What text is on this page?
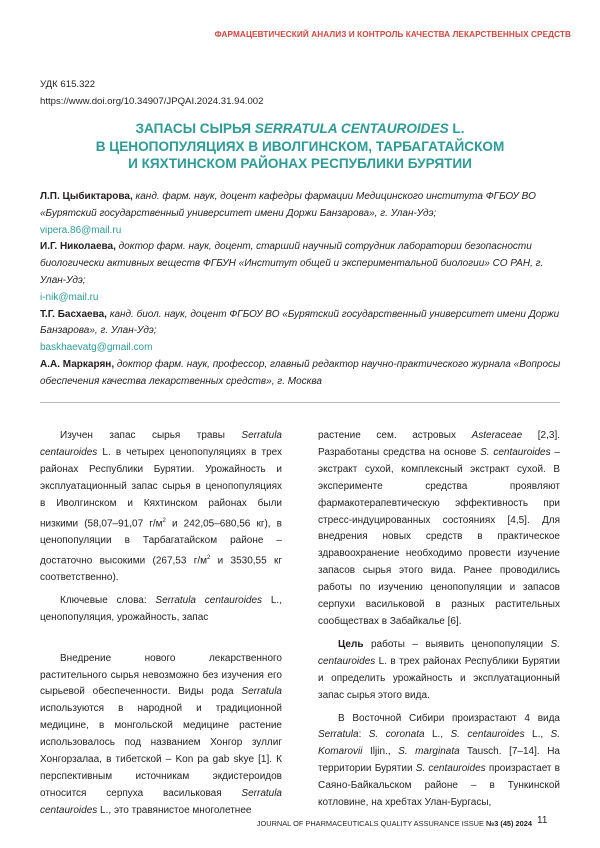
ФАРМАЦЕВТИЧЕСКИЙ АНАЛИЗ И КОНТРОЛЬ КАЧЕСТВА ЛЕКАРСТВЕННЫХ СРЕДСТВ
УДК 615.322
https://www.doi.org/10.34907/JPQAI.2024.31.94.002
ЗАПАСЫ СЫРЬЯ SERRATULA CENTAUROIDES L.
В ЦЕНОПОПУЛЯЦИЯХ В ИВОЛГИНСКОМ, ТАРБАГАТАЙСКОМ
И КЯХТИНСКОМ РАЙОНАХ РЕСПУБЛИКИ БУРЯТИИ

Л.П. Цыбиктарова, канд. фарм. наук, доцент кафедры фармации Медицинского института ФГБОУ ВО «Бурятский государственный университет имени Доржи Банзарова», г. Улан-Удэ;
vipera.86@mail.ru

И.Г. Николаева, доктор фарм. наук, доцент, старший научный сотрудник лаборатории безопасности биологически активных веществ ФГБУН «Институт общей и экспериментальной биологии» СО РАН, г. Улан-Удэ;
i-nik@mail.ru

Т.Г. Басхаева, канд. биол. наук, доцент ФГБОУ ВО «Бурятский государственный университет имени Доржи Банзарова», г. Улан-Удэ;
baskhaevatg@gmail.com

А.А. Маркарян, доктор фарм. наук, профессор, главный редактор научно-практического журнала «Вопросы обеспечения качества лекарственных средств», г. Москва

Изучен запас сырья травы Serratula centauroides L. в четырех ценопопуляциях в трех районах Республики Бурятии. Урожайность и эксплуатационный запас сырья в ценопопуляциях в Иволгинском и Кяхтинском районах были низкими (58,07–91,07 $г/м^2$ и 242,05–680,56 кг), в ценопопуляции в Тарбагатайском районе – достаточно высокими (267,53 $г/м^2$ и 3530,55 кг соответственно).

Ключевые слова: Serratula centauroides L., ценопопуляция, урожайность, запас

Внедрение нового лекарственного растительного сырья невозможно без изучения его сырьевой обеспеченности. Виды рода Serratula используются в народной и традиционной медицине, в монгольской медицине растение использовалось под названием Хонгор зуллиг Хонгорзалаа, в тибетской – Kon pa gab skye [1]. К перспективным источникам экдистероидов относится серпуха васильковая Serratula centauroides L., это травянистое многолетнее

растение сем. астровых Asteraceae [2,3]. Разработаны средства на основе S. centauroides – экстракт сухой, комплексный экстракт сухой. В эксперименте средства проявляют фармакотерапевтическую эффективность при стресс-индуцированных состояниях [4,5]. Для внедрения новых средств в практическое здравоохранение необходимо провести изучение запасов сырья этого вида. Ранее проводились работы по изучению ценопопуляции и запасов серпухи васильковой в разных растительных сообществах в Забайкалье [6].

Цель работы – выявить ценопопуляции S. centauroides L. в трех районах Республики Бурятии и определить урожайность и эксплуатационный запас сырья этого вида.

В Восточной Сибири произрастают 4 вида Serratula: S. coronata L., S. centauroides L., S. Komarovii Iljin., S. marginata Tausch. [7–14]. На территории Бурятии S. centauroides произрастает в Саяно-Байкальском районе – в Тункинской котловине, на хребтах Улан-Бургасы,

JOURNAL OF PHARMACEUTICALS QUALITY ASSURANCE ISSUE №3 (45) 2024 11
